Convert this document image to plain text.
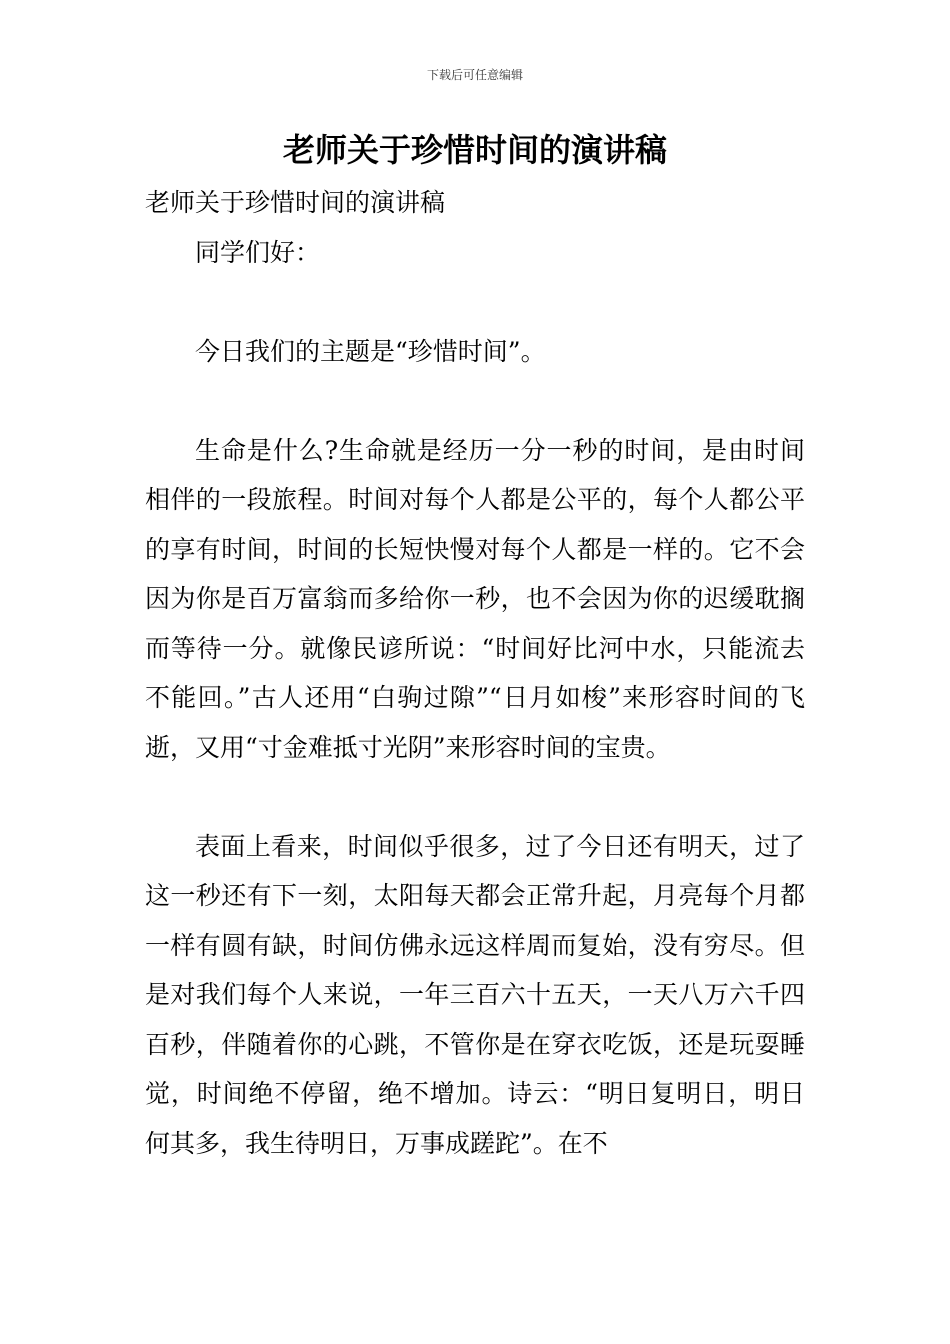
下载后可任意编辑
老师关于珍惜时间的演讲稿

老师关于珍惜时间的演讲稿

同学们好：

今日我们的主题是“珍惜时间”。

生命是什么?生命就是经历一分一秒的时间，是由时间相伴的一段旅程。时间对每个人都是公平的，每个人都公平的享有时间，时间的长短快慢对每个人都是一样的。它不会因为你是百万富翁而多给你一秒，也不会因为你的迟缓耽搁而等待一分。就像民谚所说：“时间好比河中水，只能流去不能回。”古人还用“白驹过隙”“日月如梭”来形容时间的飞逝，又用“寸金难抵寸光阴”来形容时间的宝贵。

表面上看来，时间似乎很多，过了今日还有明天，过了这一秒还有下一刻，太阳每天都会正常升起，月亮每个月都一样有圆有缺，时间仿佛永远这样周而复始，没有穷尽。但是对我们每个人来说，一年三百六十五天，一天八万六千四百秒，伴随着你的心跳，不管你是在穿衣吃饭，还是玩耍睡觉，时间绝不停留，绝不增加。诗云：“明日复明日，明日何其多，我生待明日，万事成蹉跎”。在不
